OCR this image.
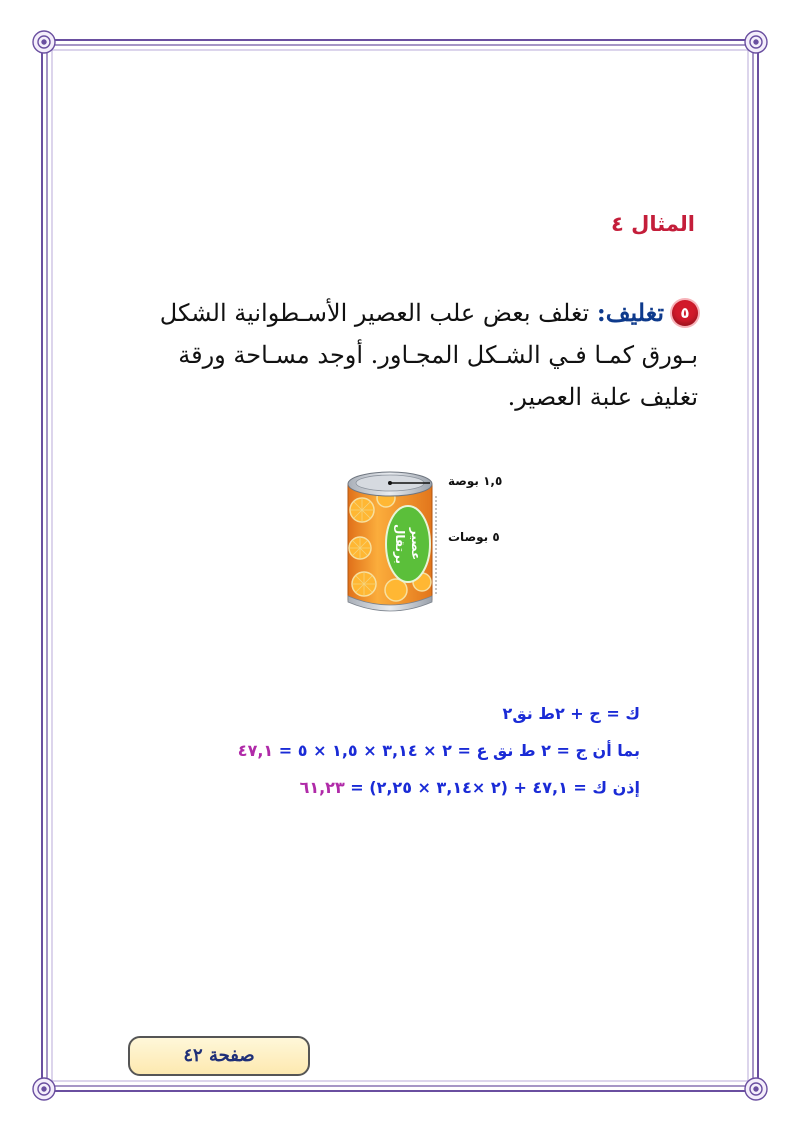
المثال ٤
٥تغليف: تغلف بعض علب العصير الأسـطوانية الشكل بـورق كمـا فـي الشـكل المجـاور. أوجد مسـاحة ورقة تغليف علبة العصير.
عصير
برتقال
١,٥ بوصة
٥ بوصات
ك = ج + ٢ط نق٢
بما أن ج = ٢ ط نق ع = ٢ × ٣,١٤ × ١,٥ × ٥ = ٤٧,١
إذن ك = ٤٧,١ + (٢ ×٣,١٤ × ٢,٢٥) = ٦١,٢٣
صفحة ٤٢
